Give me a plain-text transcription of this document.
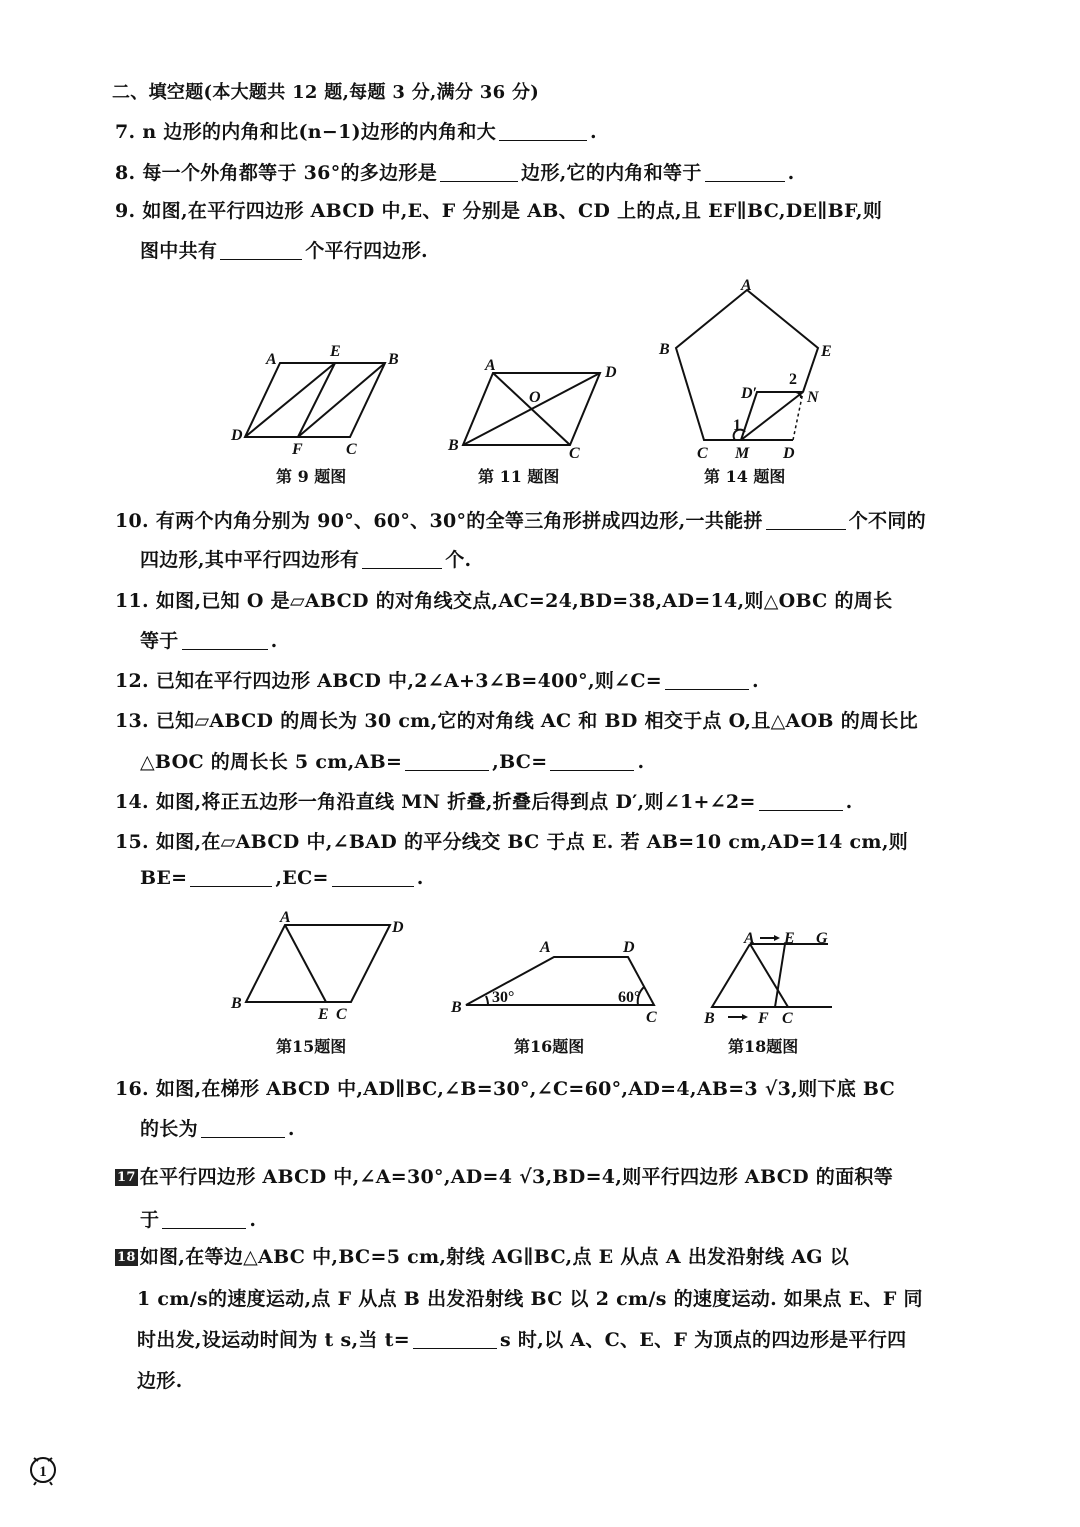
二、填空题(本大题共 12 题,每题 3 分,满分 36 分)
7. n 边形的内角和比(n−1)边形的内角和大	.
8. 每一个外角都等于 36°的多边形是	边形,它的内角和等于	.
9. 如图,在平行四边形 ABCD 中,E、F 分别是 AB、CD 上的点,且 EF∥BC,DE∥BF,则
图中共有	个平行四边形.
A	E	B
D
F	C
第 9 题图
A	D
O
B	C
第 11 题图
A
B	E
D′
2
N
1
C M D
第 14 题图
10. 有两个内角分别为 90°、60°、30°的全等三角形拼成四边形,一共能拼	个不同的
四边形,其中平行四边形有	个.
11. 如图,已知 O 是▱ABCD 的对角线交点,AC=24,BD=38,AD=14,则△OBC 的周长
等于	.
12. 已知在平行四边形 ABCD 中,2∠A+3∠B=400°,则∠C=	.
13. 已知▱ABCD 的周长为 30 cm,它的对角线 AC 和 BD 相交于点 O,且△AOB 的周长比
△BOC 的周长长 5 cm,AB=	,BC=	.
14. 如图,将正五边形一角沿直线 MN 折叠,折叠后得到点 D′,则∠1+∠2=	.
15. 如图,在▱ABCD 中,∠BAD 的平分线交 BC 于点 E. 若 AB=10 cm,AD=14 cm,则
BE=	,EC=	.
A
D
B
E C
第15题图
A	D
B
30°	60°
C
第16题图
A E G
B	F C
第18题图
16. 如图,在梯形 ABCD 中,AD∥BC,∠B=30°,∠C=60°,AD=4,AB=3 √3,则下底 BC
的长为	.
17 在平行四边形 ABCD 中,∠A=30°,AD=4 √3,BD=4,则平行四边形 ABCD 的面积等
于	.
18 如图,在等边△ABC 中,BC=5 cm,射线 AG∥BC,点 E 从点 A 出发沿射线 AG 以
1 cm/s的速度运动,点 F 从点 B 出发沿射线 BC 以 2 cm/s 的速度运动. 如果点 E、F 同
时出发,设运动时间为 t s,当 t=	s 时,以 A、C、E、F 为顶点的四边形是平行四
边形.
1
